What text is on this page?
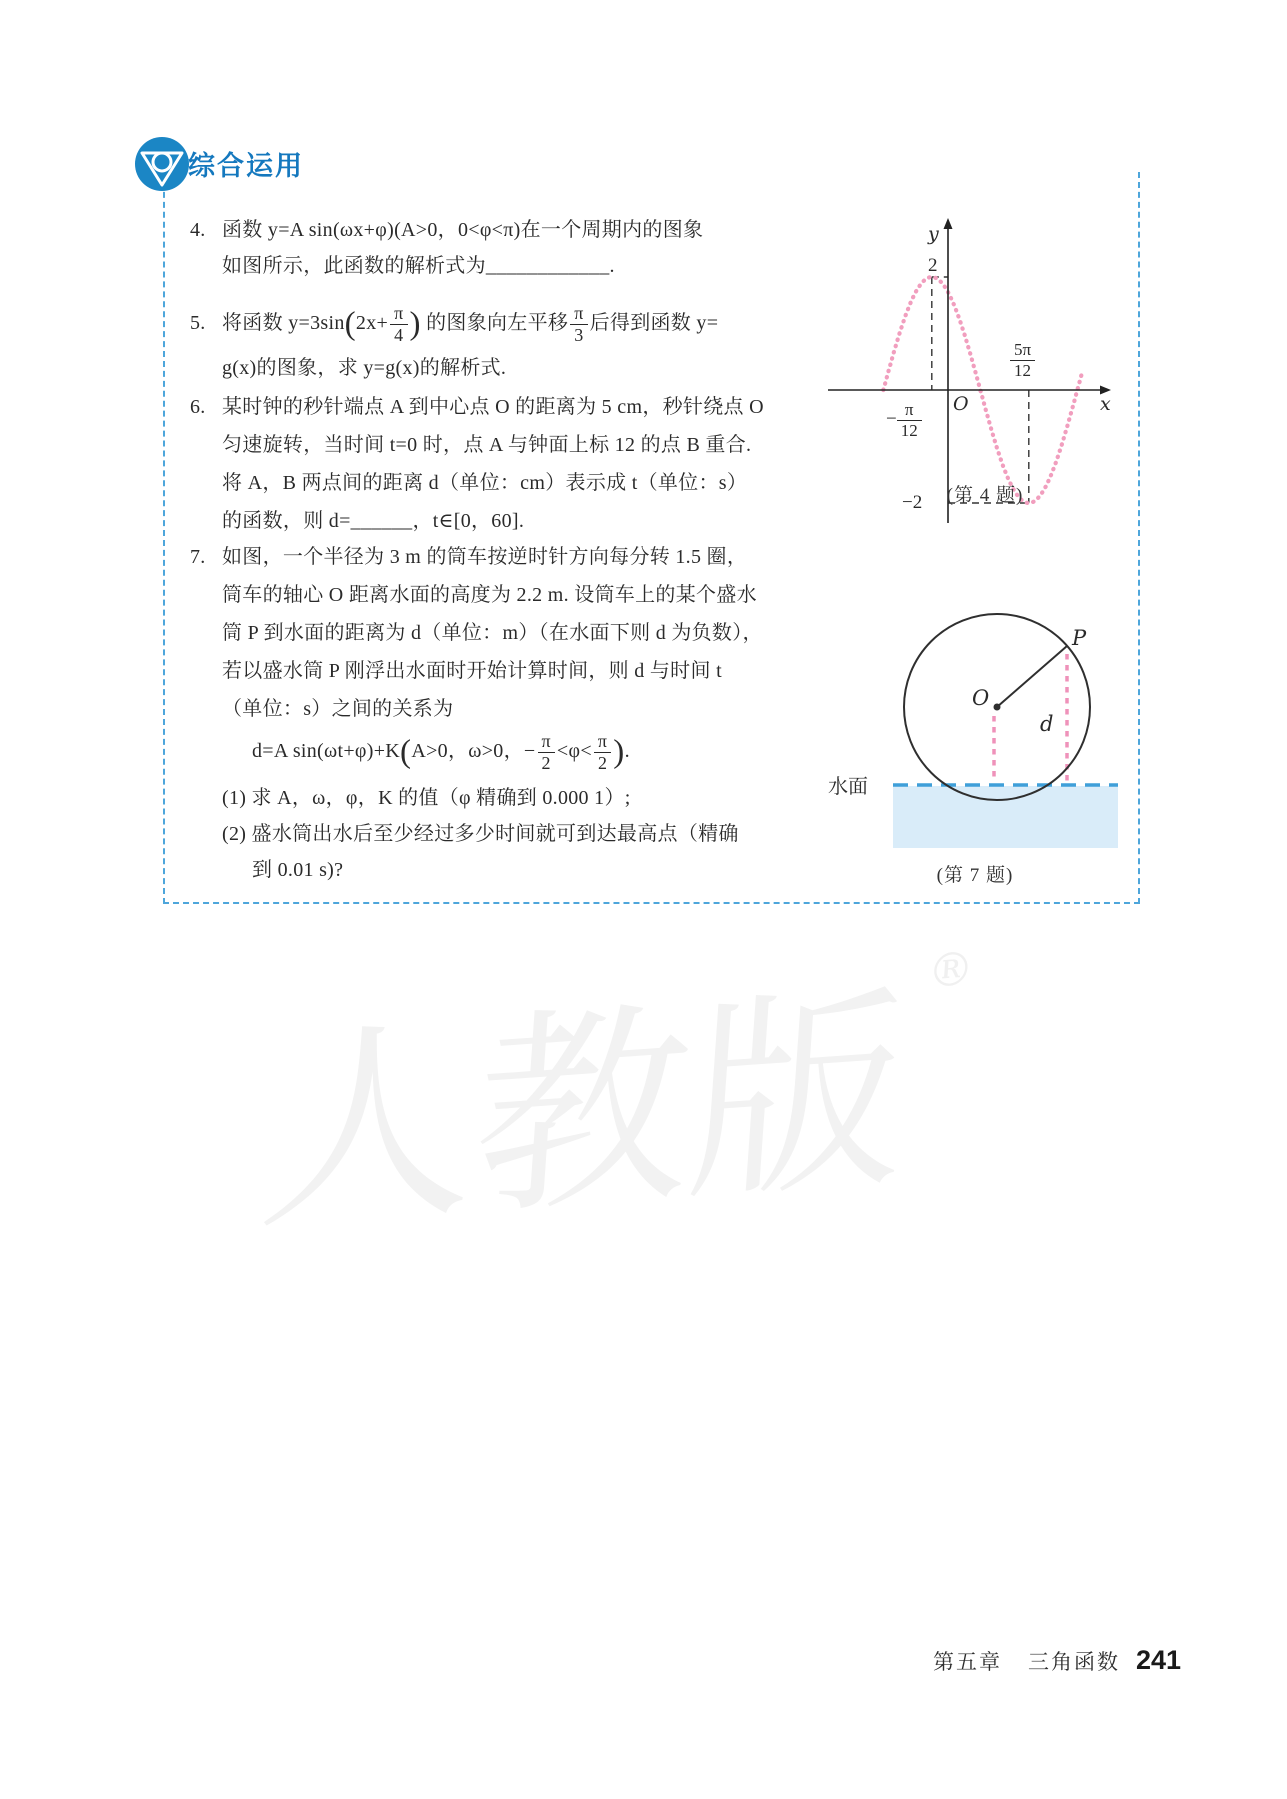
人教版 ®
综合运用
4. 函数 y=A sin(ωx+φ)(A>0，0<φ<π)在一个周期内的图象
如图所示，此函数的解析式为____________.
5. 将函数 $y=3\sin(2x+ \frac{\pi}{4}$ ) 的图象向左平移 $\frac{\pi}{3}$ 后得到函数 y=
g(x)的图象，求 y=g(x)的解析式.
6. 某时钟的秒针端点 A 到中心点 O 的距离为 5 cm，秒针绕点 O
匀速旋转，当时间 t=0 时，点 A 与钟面上标 12 的点 B 重合.
将 A，B 两点间的距离 d（单位：cm）表示成 t（单位：s）
的函数，则 d=______，t∈[0，60].
7. 如图，一个半径为 3 m 的筒车按逆时针方向每分转 1.5 圈，
筒车的轴心 O 距离水面的高度为 2.2 m. 设筒车上的某个盛水
筒 P 到水面的距离为 d（单位：m）（在水面下则 d 为负数），
若以盛水筒 P 刚浮出水面时开始计算时间，则 d 与时间 t
（单位：s）之间的关系为
d=A sin(ωt+φ)+K(A>0，ω>0，− $\frac{\pi}{2} <\varphi< \frac{\pi}{2}$ ).
(1) 求 A，ω，φ，K 的值（φ 精确到 0.000 1）;
(2) 盛水筒出水后至少经过多少时间就可到达最高点（精确
到 0.01 s)?
y
2
O	x
−2
− $\frac{\pi}{12}$
$\frac{5\pi}{12}$
(第 4 题)
O
P
d
水面
(第 7 题)
第五章 三角函数 241
